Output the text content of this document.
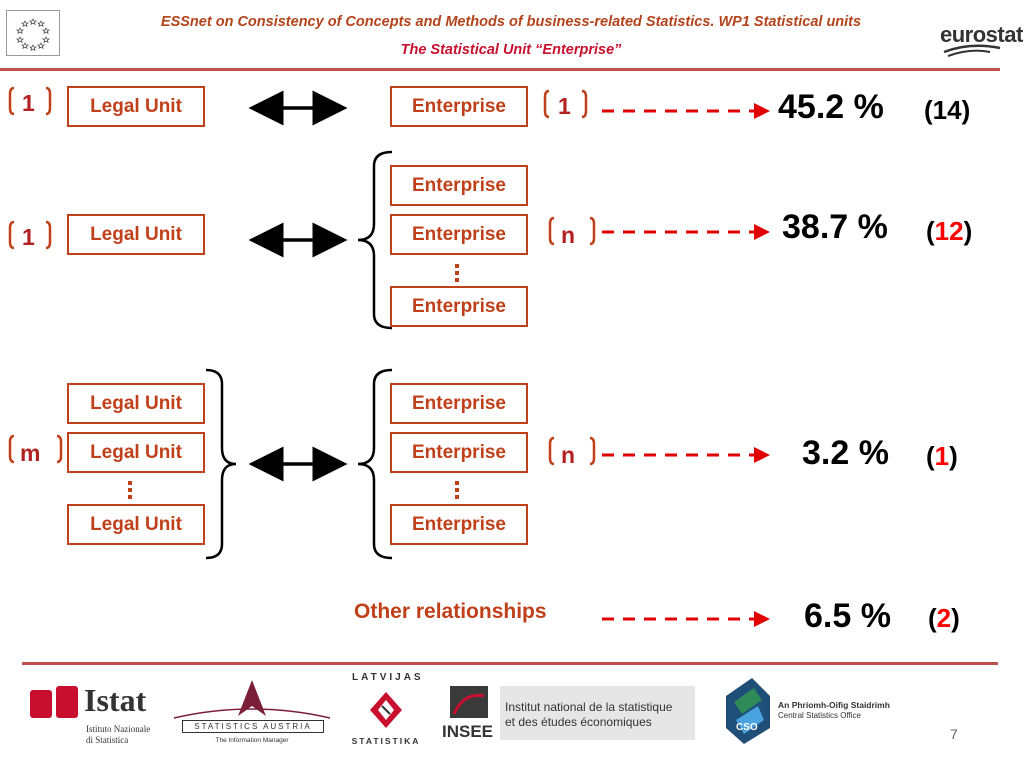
ESSnet on Consistency of Concepts and Methods of business-related Statistics. WP1 Statistical units
The Statistical Unit “Enterprise”
eurostat
1	1
1	n
m	n
Legal Unit	Enterprise
Legal Unit
Enterprise
Enterprise
Enterprise
Legal Unit
Legal Unit
Legal Unit
Enterprise
Enterprise
Enterprise
45.2 % (14)
38.7 % (12)
3.2 % (1)
Other relationships	6.5 % (2)
Istat
Istituto Nazionale
di Statistica
STATISTICS AUSTRIA
The Information Manager
LATVIJAS
STATISTIKA INSEE
Institut national de la statistique
et des études économiques	CSO
An Phríomh-Oifig Staidrimh
Central Statistics Office
7
